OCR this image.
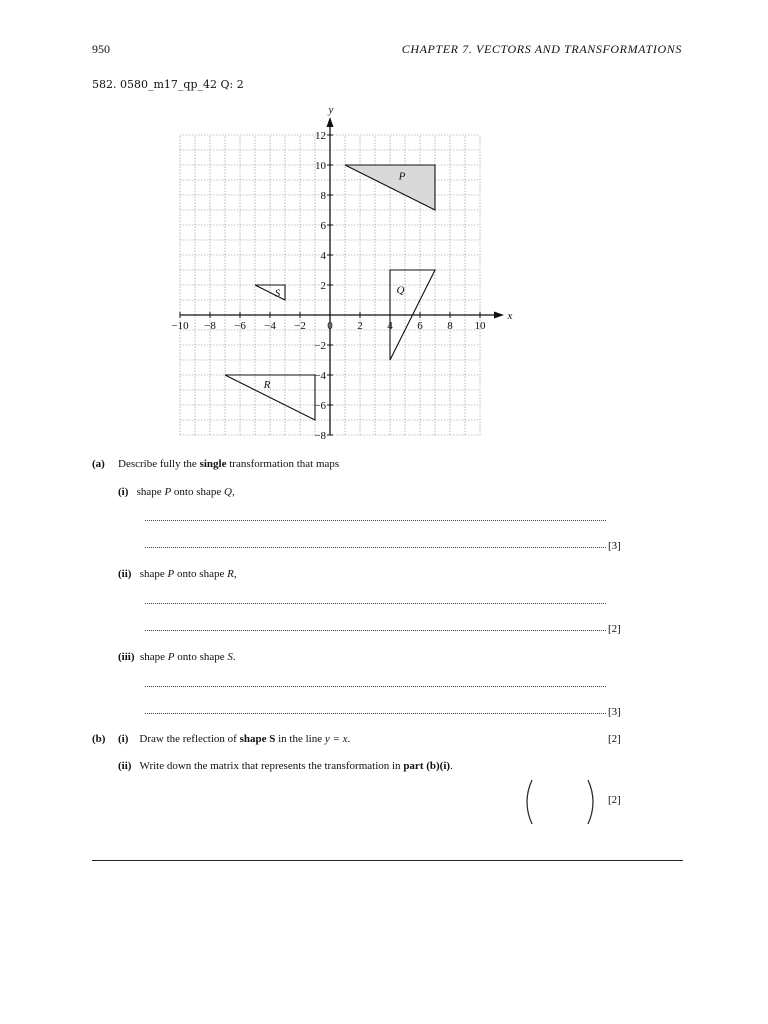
950	CHAPTER 7. VECTORS AND TRANSFORMATIONS
582. 0580_m17_qp_42 Q: 2
x
y
−10 −8 −6 −4 −2 0 2 4 6 8 10
12
10
8
6
4
2
−2
−4
−6
−8
P
Q
R
S
(a) Describe fully the single transformation that maps
(i) shape P onto shape Q,
[3]
(ii) shape P onto shape R,
[2]
(iii) shape P onto shape S.
[3]
(b) (i) Draw the reflection of shape S in the line y = x.	[2]
(ii) Write down the matrix that represents the transformation in part (b)(i).
[2]
